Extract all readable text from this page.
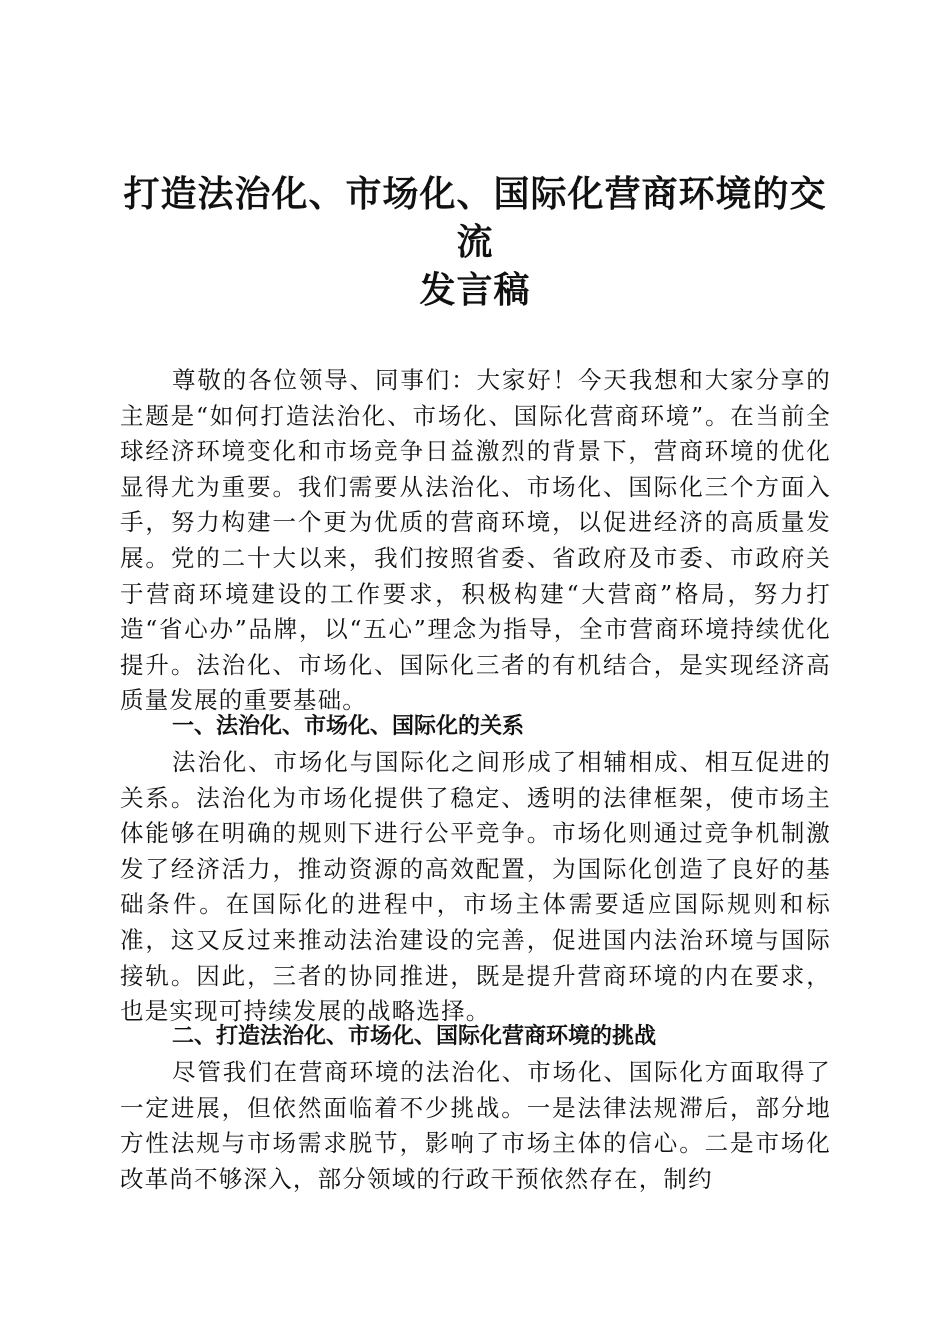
打造法治化、市场化、国际化营商环境的交流
发言稿

尊敬的各位领导、同事们：大家好！今天我想和大家分享的主题是“如何打造法治化、市场化、国际化营商环境”。在当前全球经济环境变化和市场竞争日益激烈的背景下，营商环境的优化显得尤为重要。我们需要从法治化、市场化、国际化三个方面入手，努力构建一个更为优质的营商环境，以促进经济的高质量发展。党的二十大以来，我们按照省委、省政府及市委、市政府关于营商环境建设的工作要求，积极构建“大营商”格局，努力打造“省心办”品牌，以“五心”理念为指导，全市营商环境持续优化提升。法治化、市场化、国际化三者的有机结合，是实现经济高质量发展的重要基础。

一、法治化、市场化、国际化的关系

法治化、市场化与国际化之间形成了相辅相成、相互促进的关系。法治化为市场化提供了稳定、透明的法律框架，使市场主体能够在明确的规则下进行公平竞争。市场化则通过竞争机制激发了经济活力，推动资源的高效配置，为国际化创造了良好的基础条件。在国际化的进程中，市场主体需要适应国际规则和标准，这又反过来推动法治建设的完善，促进国内法治环境与国际接轨。因此，三者的协同推进，既是提升营商环境的内在要求，也是实现可持续发展的战略选择。

二、打造法治化、市场化、国际化营商环境的挑战

尽管我们在营商环境的法治化、市场化、国际化方面取得了一定进展，但依然面临着不少挑战。一是法律法规滞后，部分地方性法规与市场需求脱节，影响了市场主体的信心。二是市场化改革尚不够深入，部分领域的行政干预依然存在，制约
